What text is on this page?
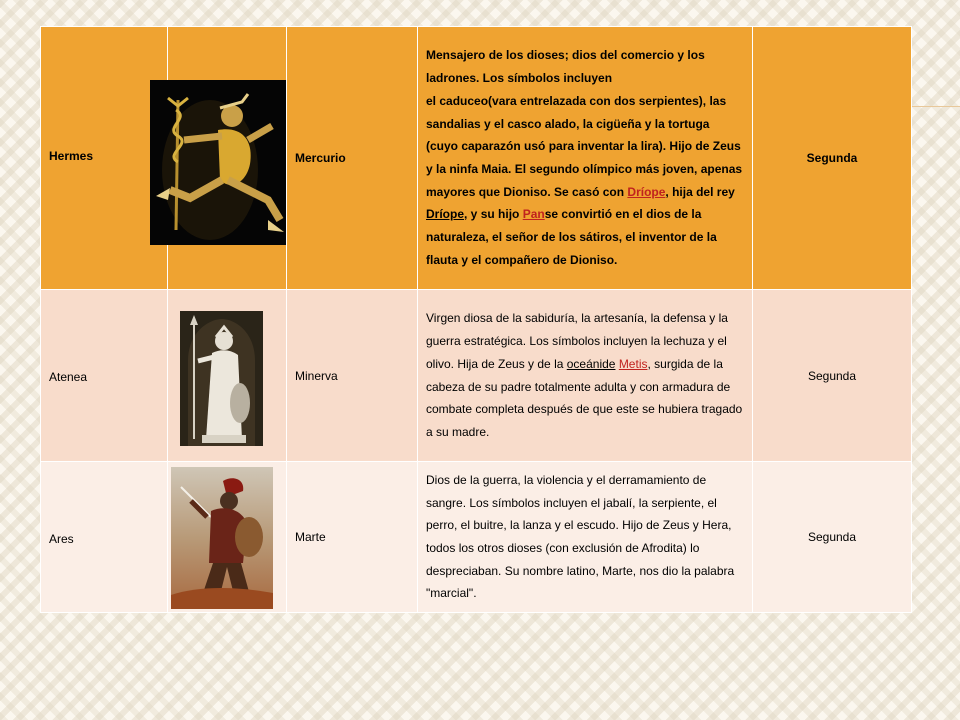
Hermes		Mercurio	Mensajero de los dioses; dios del comercio y los ladrones. Los símbolos incluyen
el caduceo(vara entrelazada con dos serpientes), las sandalias y el casco alado, la cigüeña y la tortuga (cuyo caparazón usó para inventar la lira). Hijo de Zeus y la ninfa Maia. El segundo olímpico más joven, apenas mayores que Dioniso. Se casó con Dríope, hija del rey Dríope, y su hijo Panse convirtió en el dios de la naturaleza, el señor de los sátiros, el inventor de la flauta y el compañero de Dioniso.	Segunda

Atenea		Minerva	Virgen diosa de la sabiduría, la artesanía, la defensa y la guerra estratégica. Los símbolos incluyen la lechuza y el olivo. Hija de Zeus y de la oceánide Metis, surgida de la cabeza de su padre totalmente adulta y con armadura de combate completa después de que este se hubiera tragado a su madre.	Segunda

Ares		Marte	Dios de la guerra, la violencia y el derramamiento de sangre. Los símbolos incluyen el jabalí, la serpiente, el perro, el buitre, la lanza y el escudo. Hijo de Zeus y Hera, todos los otros dioses (con exclusión de Afrodita) lo despreciaban. Su nombre latino, Marte, nos dio la palabra "marcial".	Segunda
